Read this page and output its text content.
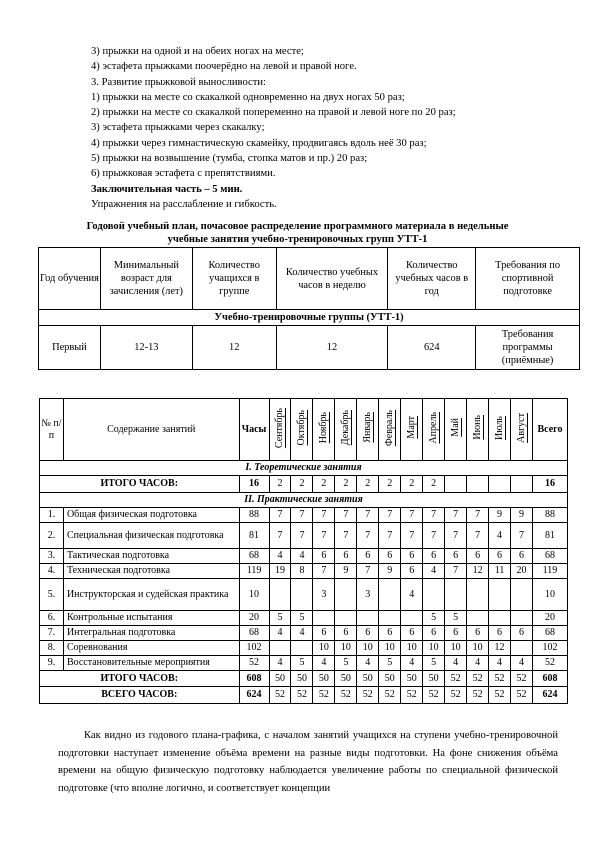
3) прыжки на одной и на обеих ногах на месте;

4) эстафета прыжками поочерёдно на левой и правой ноге.

3. Развитие прыжковой выносливости:

1) прыжки на месте со скакалкой одновременно на двух ногах 50 раз;

2) прыжки на месте со скакалкой попеременно на правой и левой ноге по 20 раз;

3) эстафета прыжками через скакалку;

4) прыжки через гимнастическую скамейку, продвигаясь вдоль неё 30 раз;

5) прыжки на возвышение (тумба, стопка матов и пр.) 20 раз;

6) прыжковая эстафета с препятствиями.

Заключительная часть – 5 мин.

Упражнения на расслабление и гибкость.

Годовой учебный план, почасовое распределение программного материала в недельные
учебные занятия учебно-тренировочных групп УТТ-1
Год обучения	Минимальный возраст для зачисления (лет)	Количество учащихся в группе	Количество учебных часов в неделю	Количество учебных часов в год	Требования по спортивной подготовке
Учебно-тренировочные группы (УТТ-1)					
Первый	12-13	12	12	624	Требования программы (приёмные)
№ п/п	Содержание занятий	Часы	Сентябрь	Октябрь	Ноябрь	Декабрь	Январь	Февраль	Март	Апрель	Май	Июнь	Июль	Август	Всего
I. Теоретические занятия															
ИТОГО ЧАСОВ:		16	2	2	2	2	2	2	2	2					16
II. Практические занятия															
1.	Общая физическая подготовка	88	7	7	7	7	7	7	7	7	7	7	9	9	88
2.	Специальная физическая подготовка	81	7	7	7	7	7	7	7	7	7	7	4	7	81
3.	Тактическая подготовка	68	4	4	6	6	6	6	6	6	6	6	6	6	68
4.	Техническая подготовка	119	19	8	7	9	7	9	6	4	7	12	11	20	119
5.	Инструкторская и судейская практика	10			3		3		4						10
6.	Контрольные испытания	20	5	5						5	5				20
7.	Интегральная подготовка	68	4	4	6	6	6	6	6	6	6	6	6	6	68
8.	Соревнования	102			10	10	10	10	10	10	10	10	12		102
9.	Восстановительные мероприятия	52	4	5	4	5	4	5	4	5	4	4	4	4	52
ИТОГО ЧАСОВ:		608	50	50	50	50	50	50	50	50	52	52	52	52	608
ВСЕГО ЧАСОВ:		624	52	52	52	52	52	52	52	52	52	52	52	52	624

Как видно из годового плана-графика, с началом занятий учащихся на ступени учебно-тренировочной подготовки наступает изменение объёма времени на разные виды подготовки. На фоне снижения объёма времени на общую физическую подготовку наблюдается увеличение работы по специальной физической подготовке (что вполне логично, и соответствует концепции
